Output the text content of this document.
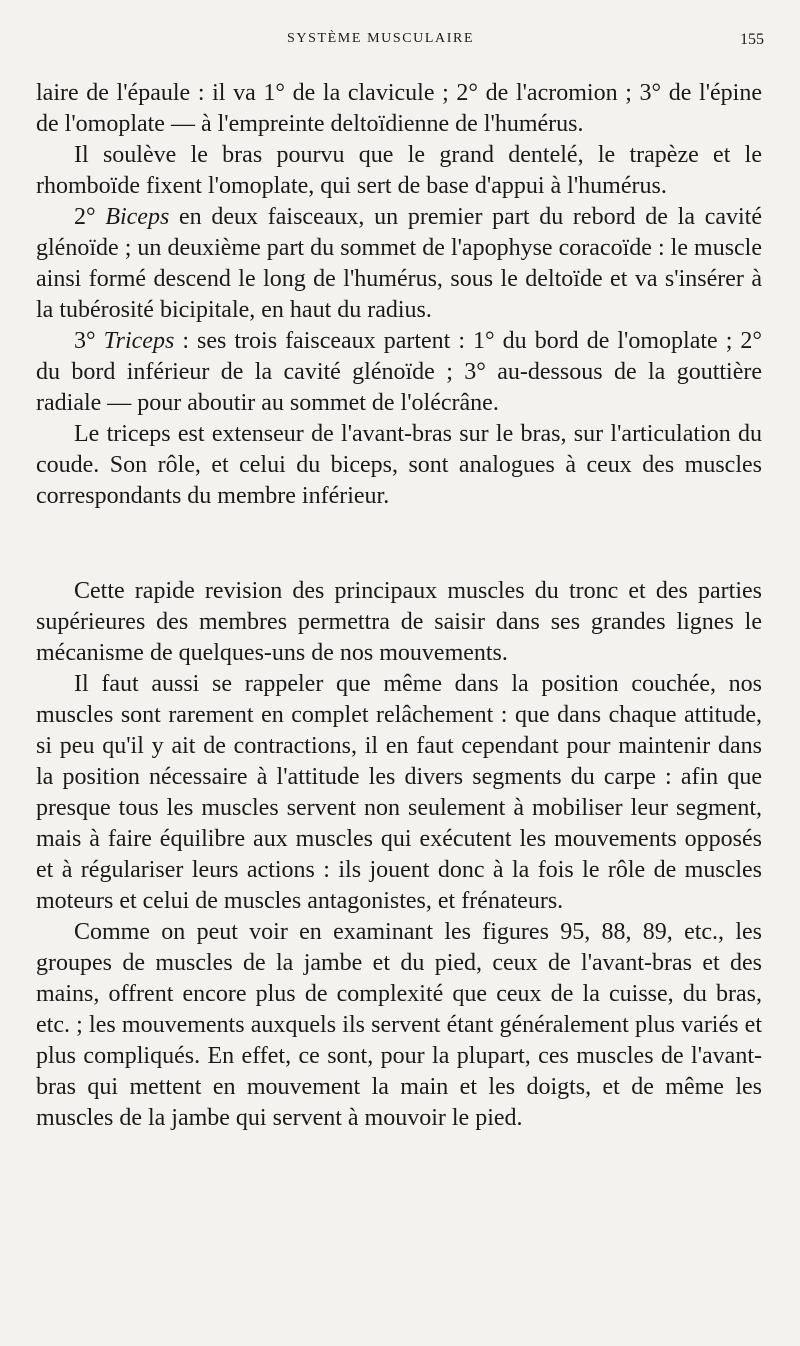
SYSTÈME MUSCULAIRE	155

laire de l'épaule : il va 1° de la clavicule ; 2° de l'acromion ; 3° de l'épine de l'omoplate — à l'empreinte deltoïdienne de l'humérus.

Il soulève le bras pourvu que le grand dentelé, le trapèze et le rhomboïde fixent l'omoplate, qui sert de base d'appui à l'humérus.

2° Biceps en deux faisceaux, un premier part du rebord de la cavité glénoïde ; un deuxième part du sommet de l'apophyse coracoïde : le muscle ainsi formé descend le long de l'humérus, sous le deltoïde et va s'insérer à la tubérosité bicipitale, en haut du radius.

3° Triceps : ses trois faisceaux partent : 1° du bord de l'omoplate ; 2° du bord inférieur de la cavité glénoïde ; 3° au-dessous de la gouttière radiale — pour aboutir au sommet de l'olécrâne.

Le triceps est extenseur de l'avant-bras sur le bras, sur l'articulation du coude. Son rôle, et celui du biceps, sont analogues à ceux des muscles correspondants du membre inférieur.

Cette rapide revision des principaux muscles du tronc et des parties supérieures des membres permettra de saisir dans ses grandes lignes le mécanisme de quelques-uns de nos mouvements.

Il faut aussi se rappeler que même dans la position couchée, nos muscles sont rarement en complet relâchement : que dans chaque attitude, si peu qu'il y ait de contractions, il en faut cependant pour maintenir dans la position nécessaire à l'attitude les divers segments du carpe : afin que presque tous les muscles servent non seulement à mobiliser leur segment, mais à faire équilibre aux muscles qui exécutent les mouvements opposés et à régulariser leurs actions : ils jouent donc à la fois le rôle de muscles moteurs et celui de muscles antagonistes, et frénateurs.

Comme on peut voir en examinant les figures 95, 88, 89, etc., les groupes de muscles de la jambe et du pied, ceux de l'avant-bras et des mains, offrent encore plus de complexité que ceux de la cuisse, du bras, etc. ; les mouvements auxquels ils servent étant généralement plus variés et plus compliqués. En effet, ce sont, pour la plupart, ces muscles de l'avant-bras qui mettent en mouvement la main et les doigts, et de même les muscles de la jambe qui servent à mouvoir le pied.
